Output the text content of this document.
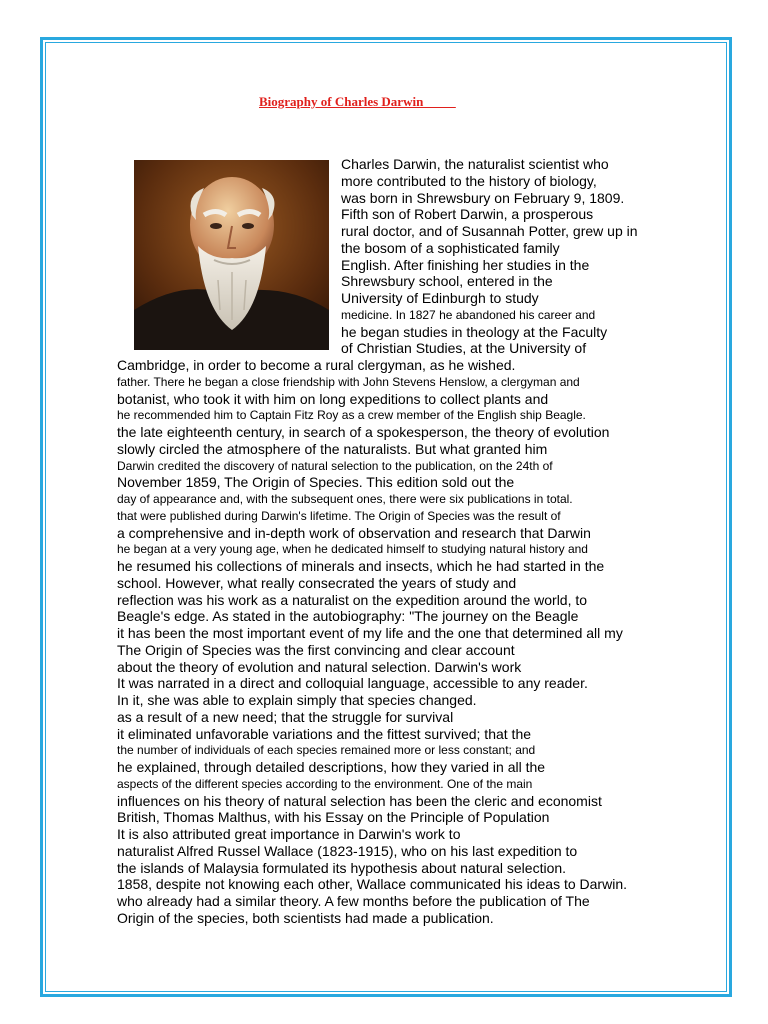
Biography of Charles Darwin
Charles Darwin, the naturalist scientist who
more contributed to the history of biology,
was born in Shrewsbury on February 9, 1809.
Fifth son of Robert Darwin, a prosperous
rural doctor, and of Susannah Potter, grew up in
the bosom of a sophisticated family
English. After finishing her studies in the
Shrewsbury school, entered in the
University of Edinburgh to study
medicine. In 1827 he abandoned his career and
he began studies in theology at the Faculty
of Christian Studies, at the University of
Cambridge, in order to become a rural clergyman, as he wished.
father. There he began a close friendship with John Stevens Henslow, a clergyman and
botanist, who took it with him on long expeditions to collect plants and
he recommended him to Captain Fitz Roy as a crew member of the English ship Beagle.
the late eighteenth century, in search of a spokesperson, the theory of evolution
slowly circled the atmosphere of the naturalists. But what granted him
Darwin credited the discovery of natural selection to the publication, on the 24th of
November 1859, The Origin of Species. This edition sold out the
day of appearance and, with the subsequent ones, there were six publications in total.
that were published during Darwin's lifetime. The Origin of Species was the result of
a comprehensive and in-depth work of observation and research that Darwin
he began at a very young age, when he dedicated himself to studying natural history and
he resumed his collections of minerals and insects, which he had started in the
school. However, what really consecrated the years of study and
reflection was his work as a naturalist on the expedition around the world, to
Beagle's edge. As stated in the autobiography: "The journey on the Beagle
it has been the most important event of my life and the one that determined all my
The Origin of Species was the first convincing and clear account
about the theory of evolution and natural selection. Darwin's work
It was narrated in a direct and colloquial language, accessible to any reader.
In it, she was able to explain simply that species changed.
as a result of a new need; that the struggle for survival
it eliminated unfavorable variations and the fittest survived; that the
the number of individuals of each species remained more or less constant; and
he explained, through detailed descriptions, how they varied in all the
aspects of the different species according to the environment. One of the main
influences on his theory of natural selection has been the cleric and economist
British, Thomas Malthus, with his Essay on the Principle of Population
It is also attributed great importance in Darwin's work to
naturalist Alfred Russel Wallace (1823-1915), who on his last expedition to
the islands of Malaysia formulated its hypothesis about natural selection.
1858, despite not knowing each other, Wallace communicated his ideas to Darwin.
who already had a similar theory. A few months before the publication of The
Origin of the species, both scientists had made a publication.
